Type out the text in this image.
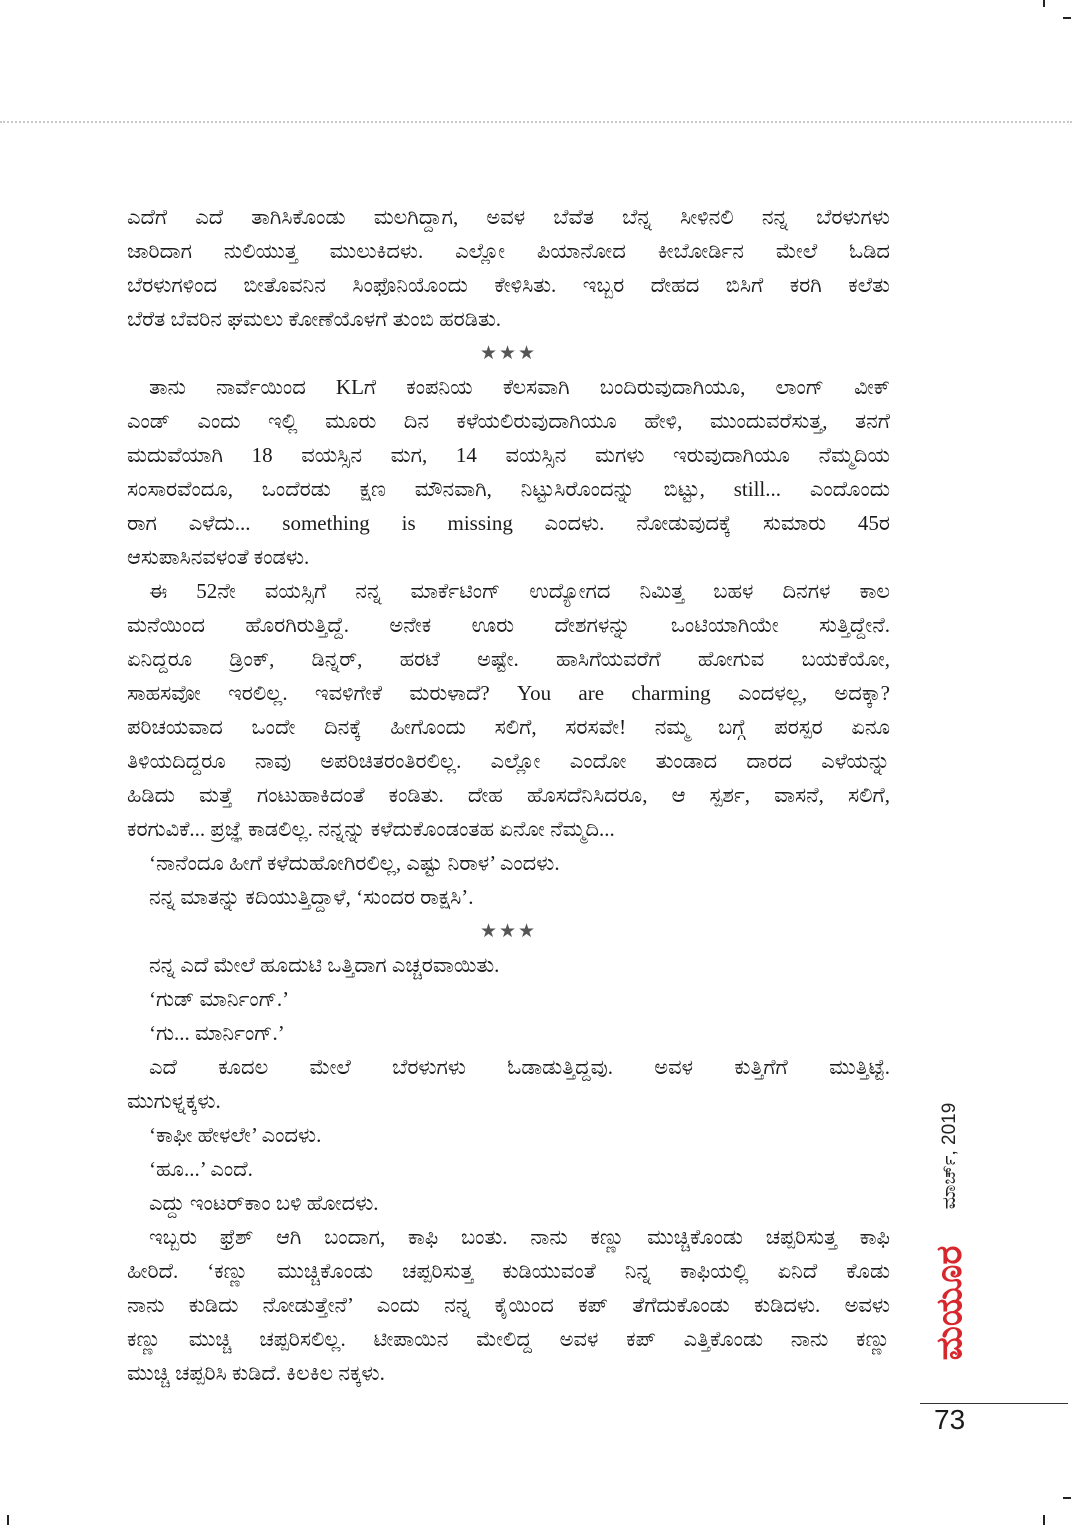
ಎದೆಗೆ ಎದೆ ತಾಗಿಸಿಕೊಂಡು ಮಲಗಿದ್ದಾಗ, ಅವಳ ಬೆವೆತ ಬೆನ್ನ ಸೀಳಿನಲಿ ನನ್ನ ಬೆರಳುಗಳು
ಜಾರಿದಾಗ ನುಲಿಯುತ್ತ ಮುಲುಕಿದಳು. ಎಲ್ಲೋ ಪಿಯಾನೋದ ಕೀಬೋರ್ಡಿನ ಮೇಲೆ ಓಡಿದ
ಬೆರಳುಗಳಿಂದ ಬೀತೊವನಿನ ಸಿಂಫೊನಿಯೊಂದು ಕೇಳಿಸಿತು. ಇಬ್ಬರ ದೇಹದ ಬಿಸಿಗೆ ಕರಗಿ ಕಲೆತು
ಬೆರೆತ ಬೆವರಿನ ಘಮಲು ಕೋಣೆಯೊಳಗೆ ತುಂಬಿ ಹರಡಿತು.
★★★
ತಾನು ನಾರ್ವೆಯಿಂದ KLಗೆ ಕಂಪನಿಯ ಕೆಲಸವಾಗಿ ಬಂದಿರುವುದಾಗಿಯೂ, ಲಾಂಗ್ ವೀಕ್
ಎಂಡ್ ಎಂದು ಇಲ್ಲಿ ಮೂರು ದಿನ ಕಳೆಯಲಿರುವುದಾಗಿಯೂ ಹೇಳಿ, ಮುಂದುವರೆಸುತ್ತ, ತನಗೆ
ಮದುವೆಯಾಗಿ 18 ವಯಸ್ಸಿನ ಮಗ, 14 ವಯಸ್ಸಿನ ಮಗಳು ಇರುವುದಾಗಿಯೂ ನೆಮ್ಮದಿಯ
ಸಂಸಾರವೆಂದೂ, ಒಂದೆರಡು ಕ್ಷಣ ಮೌನವಾಗಿ, ನಿಟ್ಟುಸಿರೊಂದನ್ನು ಬಿಟ್ಟು, still... ಎಂದೊಂದು
ರಾಗ ಎಳೆದು... something is missing ಎಂದಳು. ನೋಡುವುದಕ್ಕೆ ಸುಮಾರು 45ರ
ಆಸುಪಾಸಿನವಳಂತೆ ಕಂಡಳು.
ಈ 52ನೇ ವಯಸ್ಸಿಗೆ ನನ್ನ ಮಾರ್ಕೆಟಿಂಗ್ ಉದ್ಯೋಗದ ನಿಮಿತ್ತ ಬಹಳ ದಿನಗಳ ಕಾಲ
ಮನೆಯಿಂದ ಹೊರಗಿರುತ್ತಿದ್ದೆ. ಅನೇಕ ಊರು ದೇಶಗಳನ್ನು ಒಂಟಿಯಾಗಿಯೇ ಸುತ್ತಿದ್ದೇನೆ.
ಏನಿದ್ದರೂ ಡ್ರಿಂಕ್, ಡಿನ್ನರ್, ಹರಟೆ ಅಷ್ಟೇ. ಹಾಸಿಗೆಯವರೆಗೆ ಹೋಗುವ ಬಯಕೆಯೋ,
ಸಾಹಸವೋ ಇರಲಿಲ್ಲ. ಇವಳಿಗೇಕೆ ಮರುಳಾದೆ? You are charming ಎಂದಳಲ್ಲ, ಅದಕ್ಕಾ?
ಪರಿಚಯವಾದ ಒಂದೇ ದಿನಕ್ಕೆ ಹೀಗೊಂದು ಸಲಿಗೆ, ಸರಸವೇ! ನಮ್ಮ ಬಗ್ಗೆ ಪರಸ್ಪರ ಏನೂ
ತಿಳಿಯದಿದ್ದರೂ ನಾವು ಅಪರಿಚಿತರಂತಿರಲಿಲ್ಲ. ಎಲ್ಲೋ ಎಂದೋ ತುಂಡಾದ ದಾರದ ಎಳೆಯನ್ನು
ಹಿಡಿದು ಮತ್ತೆ ಗಂಟುಹಾಕಿದಂತೆ ಕಂಡಿತು. ದೇಹ ಹೊಸದೆನಿಸಿದರೂ, ಆ ಸ್ಪರ್ಶ, ವಾಸನೆ, ಸಲಿಗೆ,
ಕರಗುವಿಕೆ... ಪ್ರಜ್ಞೆ ಕಾಡಲಿಲ್ಲ. ನನ್ನನ್ನು ಕಳೆದುಕೊಂಡಂತಹ ಏನೋ ನೆಮ್ಮದಿ...
‘ನಾನೆಂದೂ ಹೀಗೆ ಕಳೆದುಹೋಗಿರಲಿಲ್ಲ, ಎಷ್ಟು ನಿರಾಳ’ ಎಂದಳು.
ನನ್ನ ಮಾತನ್ನು ಕದಿಯುತ್ತಿದ್ದಾಳೆ, ‘ಸುಂದರ ರಾಕ್ಷಸಿ’.
★★★
ನನ್ನ ಎದೆ ಮೇಲೆ ಹೂದುಟಿ ಒತ್ತಿದಾಗ ಎಚ್ಚರವಾಯಿತು.
‘ಗುಡ್ ಮಾರ್ನಿಂಗ್.’
‘ಗು... ಮಾರ್ನಿಂಗ್.’
ಎದೆ ಕೂದಲ ಮೇಲೆ ಬೆರಳುಗಳು ಓಡಾಡುತ್ತಿದ್ದವು. ಅವಳ ಕುತ್ತಿಗೆಗೆ ಮುತ್ತಿಟ್ಟೆ.
ಮುಗುಳ್ನಕ್ಕಳು.
‘ಕಾಫೀ ಹೇಳಲೇ’ ಎಂದಳು.
‘ಹೂ...’ ಎಂದೆ.
ಎದ್ದು ಇಂಟರ್‌ಕಾಂ ಬಳಿ ಹೋದಳು.
ಇಬ್ಬರು ಫ್ರೆಶ್ ಆಗಿ ಬಂದಾಗ, ಕಾಫಿ ಬಂತು. ನಾನು ಕಣ್ಣು ಮುಚ್ಚಿಕೊಂಡು ಚಪ್ಪರಿಸುತ್ತ ಕಾಫಿ
ಹೀರಿದೆ. ‘ಕಣ್ಣು ಮುಚ್ಚಿಕೊಂಡು ಚಪ್ಪರಿಸುತ್ತ ಕುಡಿಯುವಂತೆ ನಿನ್ನ ಕಾಫಿಯಲ್ಲಿ ಏನಿದೆ ಕೊಡು
ನಾನು ಕುಡಿದು ನೋಡುತ್ತೇನೆ’ ಎಂದು ನನ್ನ ಕೈಯಿಂದ ಕಪ್ ತೆಗೆದುಕೊಂಡು ಕುಡಿದಳು. ಅವಳು
ಕಣ್ಣು ಮುಚ್ಚಿ ಚಪ್ಪರಿಸಲಿಲ್ಲ. ಟೀಪಾಯಿನ ಮೇಲಿದ್ದ ಅವಳ ಕಪ್ ಎತ್ತಿಕೊಂಡು ನಾನು ಕಣ್ಣು
ಮುಚ್ಚಿ ಚಪ್ಪರಿಸಿ ಕುಡಿದೆ. ಕಿಲಕಿಲ ನಕ್ಕಳು.
ಮಾರ್ಚ್, 2019
ಮಯೂರ
73
